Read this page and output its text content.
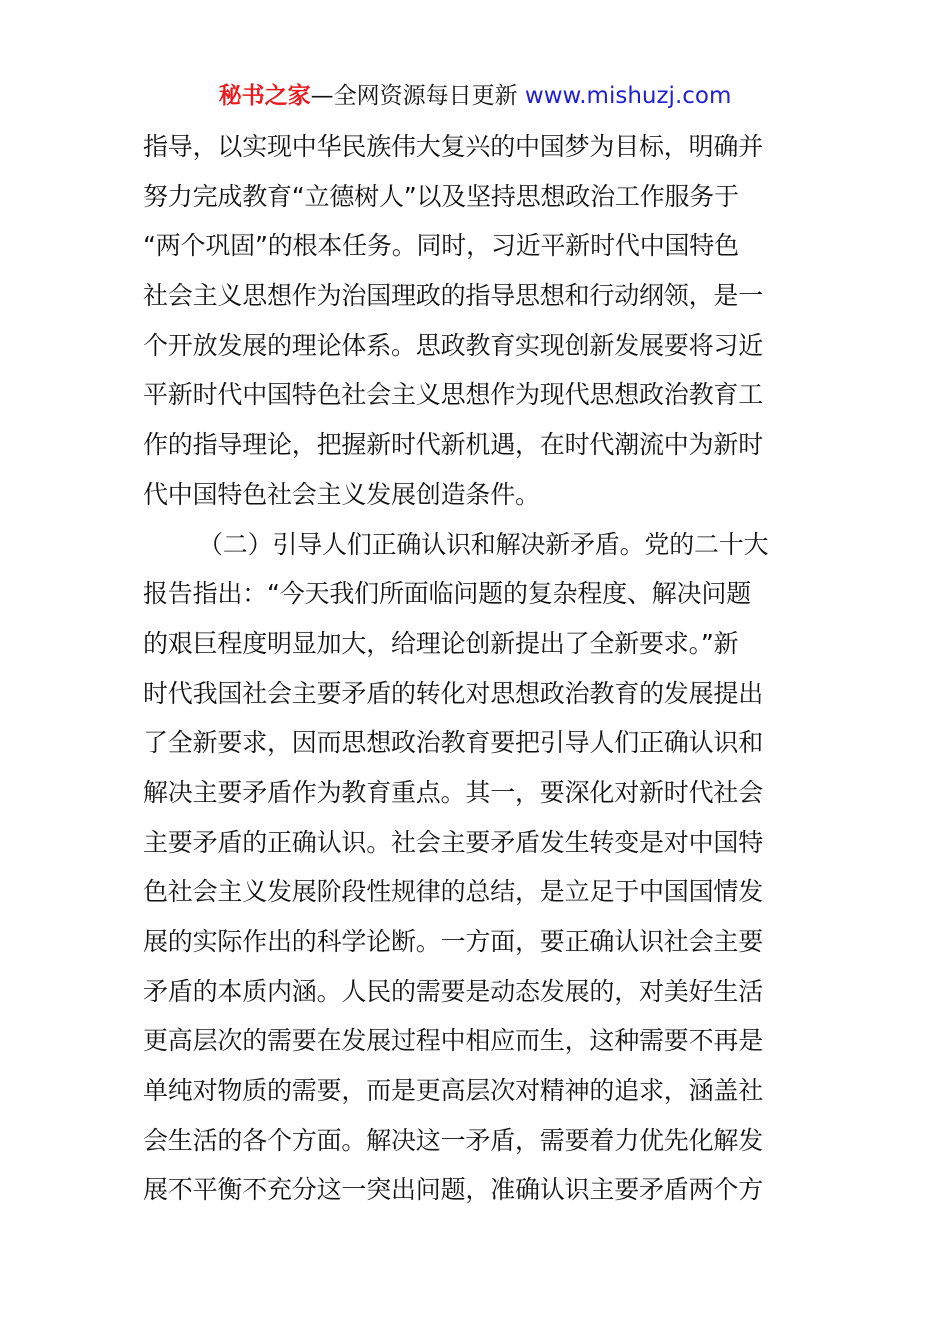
秘书之家—全网资源每日更新 www.mishuzj.com
指导，以实现中华民族伟大复兴的中国梦为目标，明确并
努力完成教育“立德树人”以及坚持思想政治工作服务于
“两个巩固”的根本任务。同时，习近平新时代中国特色
社会主义思想作为治国理政的指导思想和行动纲领，是一
个开放发展的理论体系。思政教育实现创新发展要将习近
平新时代中国特色社会主义思想作为现代思想政治教育工
作的指导理论，把握新时代新机遇，在时代潮流中为新时
代中国特色社会主义发展创造条件。
（二）引导人们正确认识和解决新矛盾。党的二十大
报告指出：“今天我们所面临问题的复杂程度、解决问题
的艰巨程度明显加大，给理论创新提出了全新要求。”新
时代我国社会主要矛盾的转化对思想政治教育的发展提出
了全新要求，因而思想政治教育要把引导人们正确认识和
解决主要矛盾作为教育重点。其一，要深化对新时代社会
主要矛盾的正确认识。社会主要矛盾发生转变是对中国特
色社会主义发展阶段性规律的总结，是立足于中国国情发
展的实际作出的科学论断。一方面，要正确认识社会主要
矛盾的本质内涵。人民的需要是动态发展的，对美好生活
更高层次的需要在发展过程中相应而生，这种需要不再是
单纯对物质的需要，而是更高层次对精神的追求，涵盖社
会生活的各个方面。解决这一矛盾，需要着力优先化解发
展不平衡不充分这一突出问题，准确认识主要矛盾两个方
